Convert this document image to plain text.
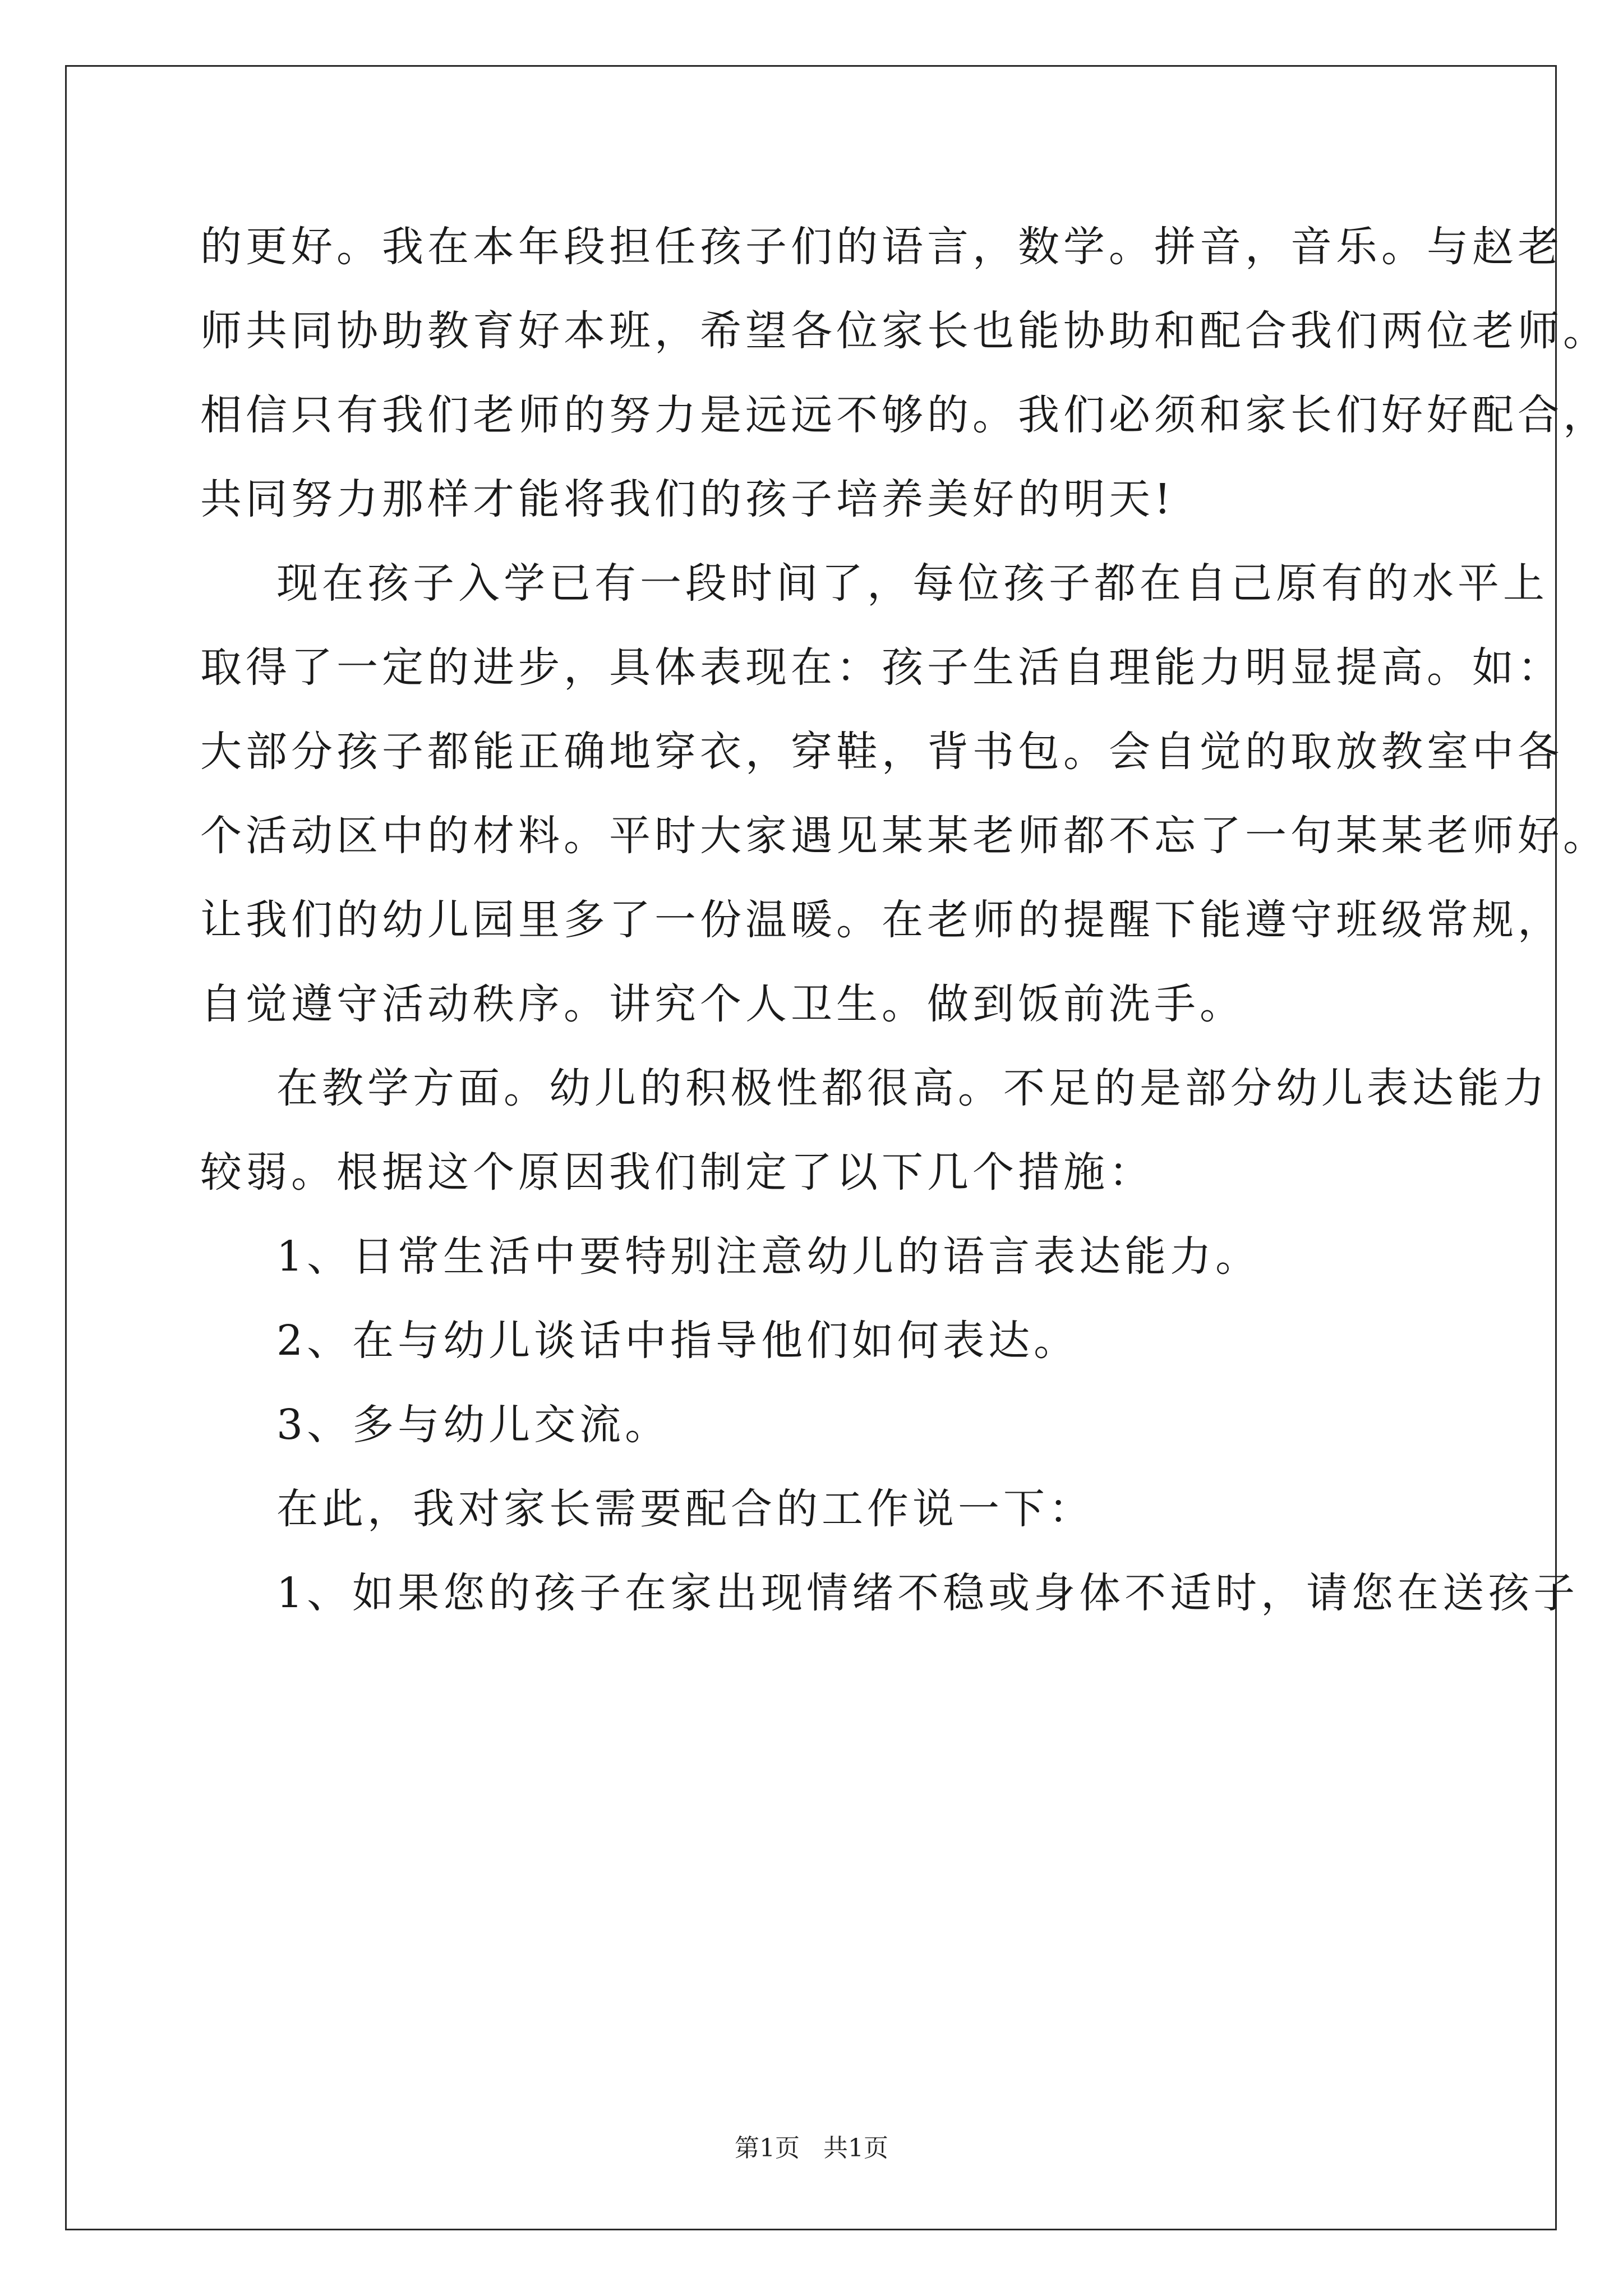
的更好。我在本年段担任孩子们的语言，数学。拼音，音乐。与赵老
师共同协助教育好本班，希望各位家长也能协助和配合我们两位老师。
相信只有我们老师的努力是远远不够的。我们必须和家长们好好配合，
共同努力那样才能将我们的孩子培养美好的明天!
现在孩子入学已有一段时间了，每位孩子都在自己原有的水平上
取得了一定的进步，具体表现在：孩子生活自理能力明显提高。如：
大部分孩子都能正确地穿衣，穿鞋，背书包。会自觉的取放教室中各
个活动区中的材料。平时大家遇见某某老师都不忘了一句某某老师好。
让我们的幼儿园里多了一份温暖。在老师的提醒下能遵守班级常规，
自觉遵守活动秩序。讲究个人卫生。做到饭前洗手。
在教学方面。幼儿的积极性都很高。不足的是部分幼儿表达能力
较弱。根据这个原因我们制定了以下几个措施：
1、日常生活中要特别注意幼儿的语言表达能力。
2、在与幼儿谈话中指导他们如何表达。
3、多与幼儿交流。
在此，我对家长需要配合的工作说一下：
1、如果您的孩子在家出现情绪不稳或身体不适时，请您在送孩子
第1页   共1页
